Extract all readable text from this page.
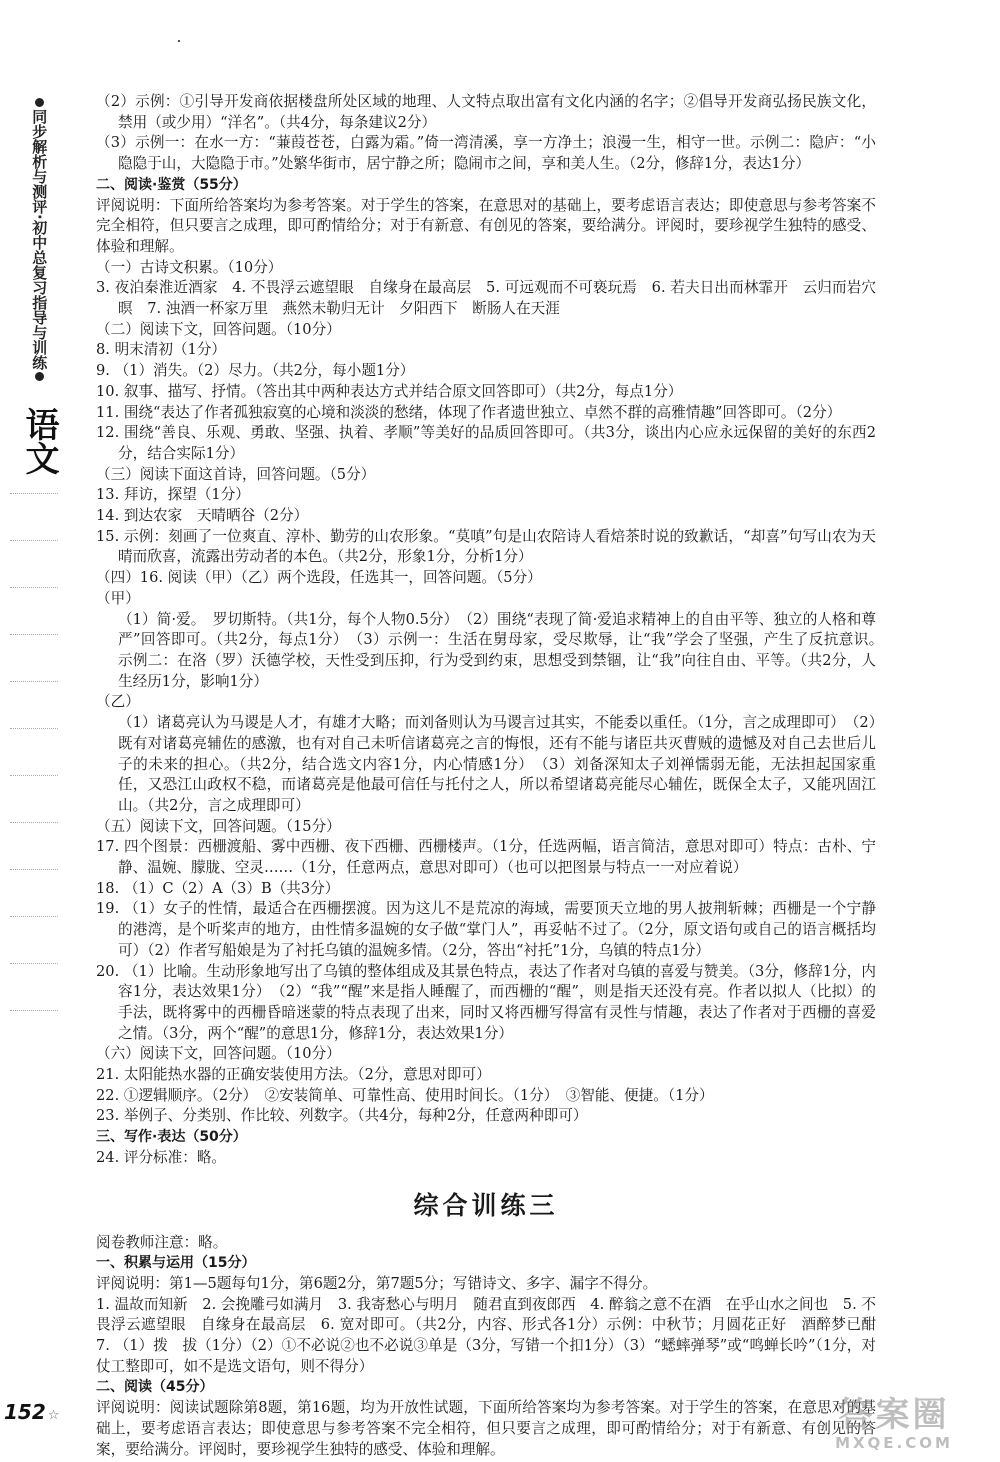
同步解析与测评·初中总复习指导与训练
语文

（2）示例：①引导开发商依据楼盘所处区域的地理、人文特点取出富有文化内涵的名字；②倡导开发商弘扬民族文化，禁用（或少用）“洋名”。（共4分，每条建议2分）

（3）示例一：在水一方：“蒹葭苍苍，白露为霜。”倚一湾清溪，享一方净土；浪漫一生，相守一世。示例二：隐庐：“小隐隐于山，大隐隐于市。”处繁华街市，居宁静之所；隐闹市之间，享和美人生。（2分，修辞1分，表达1分）

二、阅读·鉴赏（55分）

评阅说明：下面所给答案均为参考答案。对于学生的答案，在意思对的基础上，要考虑语言表达；即使意思与参考答案不完全相符，但只要言之成理，即可酌情给分；对于有新意、有创见的答案，要给满分。评阅时，要珍视学生独特的感受、体验和理解。

（一）古诗文积累。（10分）

3. 夜泊秦淮近酒家　4. 不畏浮云遮望眼　自缘身在最高层　5. 可远观而不可亵玩焉　6. 若夫日出而林霏开　云归而岩穴暝　7. 浊酒一杯家万里　燕然未勒归无计　夕阳西下　断肠人在天涯

（二）阅读下文，回答问题。（10分）

8. 明末清初（1分）

9. （1）消失。（2）尽力。（共2分，每小题1分）

10. 叙事、描写、抒情。（答出其中两种表达方式并结合原文回答即可）（共2分，每点1分）

11. 围绕“表达了作者孤独寂寞的心境和淡淡的愁绪，体现了作者遗世独立、卓然不群的高雅情趣”回答即可。（2分）

12. 围绕“善良、乐观、勇敢、坚强、执着、孝顺”等美好的品质回答即可。（共3分，谈出内心应永远保留的美好的东西2分，结合实际1分）

（三）阅读下面这首诗，回答问题。（5分）

13. 拜访，探望（1分）

14. 到达农家　天晴晒谷（2分）

15. 示例：刻画了一位爽直、淳朴、勤劳的山农形象。“莫嗔”句是山农陪诗人看焙茶时说的致歉话，“却喜”句写山农为天晴而欣喜，流露出劳动者的本色。（共2分，形象1分，分析1分）

（四）16. 阅读（甲）（乙）两个选段，任选其一，回答问题。（5分）

（甲）

（1）简·爱。　罗切斯特。（共1分，每个人物0.5分）　（2）围绕“表现了简·爱追求精神上的自由平等、独立的人格和尊严”回答即可。（共2分，每点1分）　（3）示例一：生活在舅母家，受尽欺辱，让“我”学会了坚强，产生了反抗意识。　示例二：在洛（罗）沃德学校，天性受到压抑，行为受到约束，思想受到禁锢，让“我”向往自由、平等。（共2分，人生经历1分，影响1分）

（乙）

（1）诸葛亮认为马谡是人才，有雄才大略；而刘备则认为马谡言过其实，不能委以重任。（1分，言之成理即可）　（2）既有对诸葛亮辅佐的感激，也有对自己未听信诸葛亮之言的悔恨，还有不能与诸臣共灭曹贼的遗憾及对自己去世后儿子的未来的担心。（共2分，结合选文内容1分，内心情感1分）　（3）刘备深知太子刘禅懦弱无能，无法担起国家重任，又恐江山政权不稳，而诸葛亮是他最可信任与托付之人，所以希望诸葛亮能尽心辅佐，既保全太子，又能巩固江山。（共2分，言之成理即可）

（五）阅读下文，回答问题。（15分）

17. 四个图景：西栅渡船、雾中西栅、夜下西栅、西栅楼声。（1分，任选两幅，语言简洁，意思对即可）特点：古朴、宁静、温婉、朦胧、空灵……（1分，任意两点，意思对即可）（也可以把图景与特点一一对应着说）

18. （1）C（2）A（3）B（共3分）

19. （1）女子的性情，最适合在西栅摆渡。因为这儿不是荒凉的海域，需要顶天立地的男人披荆斩棘；西栅是一个宁静的港湾，是个听桨声的地方，由性情多温婉的女子做“掌门人”，再妥帖不过了。（2分，原文语句或自己的语言概括均可）（2）作者写船娘是为了衬托乌镇的温婉多情。（2分，答出“衬托”1分，乌镇的特点1分）

20. （1）比喻。生动形象地写出了乌镇的整体组成及其景色特点，表达了作者对乌镇的喜爱与赞美。（3分，修辞1分，内容1分，表达效果1分）　（2）“我”“醒”来是指人睡醒了，而西栅的“醒”，则是指天还没有亮。作者以拟人（比拟）的手法，既将雾中的西栅昏暗迷蒙的特点表现了出来，同时又将西栅写得富有灵性与情趣，表达了作者对于西栅的喜爱之情。（3分，两个“醒”的意思1分，修辞1分，表达效果1分）

（六）阅读下文，回答问题。（10分）

21. 太阳能热水器的正确安装使用方法。（2分，意思对即可）

22. ①逻辑顺序。（2分）　②安装简单、可靠性高、使用时间长。（1分）　③智能、便捷。（1分）

23. 举例子、分类别、作比较、列数字。（共4分，每种2分，任意两种即可）

三、写作·表达（50分）

24. 评分标准：略。

综合训练三

阅卷教师注意：略。

一、积累与运用（15分）

评阅说明：第1—5题每句1分，第6题2分，第7题5分；写错诗文、多字、漏字不得分。

1. 温故而知新　2. 会挽雕弓如满月　3. 我寄愁心与明月　随君直到夜郎西　4. 醉翁之意不在酒　在乎山水之间也　5. 不畏浮云遮望眼　自缘身在最高层　6. 宽对即可。（共2分，内容、形式各1分）示例：中秋节；月圆花正好　酒醉梦已酣　7. （1）拨　拔（1分）（2）①不必说②也不必说③单是（3分，写错一个扣1分）（3）“蟋蟀弹琴”或“鸣蝉长吟”（1分，对仗工整即可，如不是选文语句，则不得分）

二、阅读（45分）

评阅说明：阅读试题除第8题，第16题，均为开放性试题，下面所给答案均为参考答案。对于学生的答案，在意思对的基础上，要考虑语言表达；即使意思与参考答案不完全相符，但只要言之成理，即可酌情给分；对于有新意、有创见的答案，要给满分。评阅时，要珍视学生独特的感受、体验和理解。

152 ☆	答案圈
MXQE.COM
